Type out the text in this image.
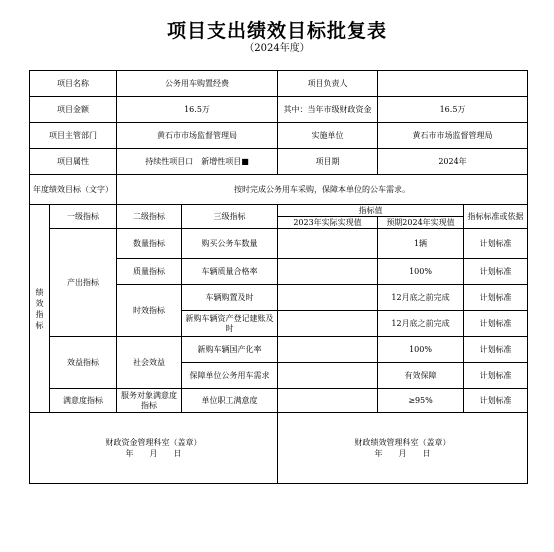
项目支出绩效目标批复表
（2024年度）
项目名称		公务用车购置经费		项目负责人		
项目金额		16.5万		其中：当年市级财政资金	16.5万	
项目主管部门		黄石市市场监督管理局		实施单位	黄石市市场监督管理局	
项目属性		持续性项目口　新增性项目■		项目期	2024年	
年度绩效目标（文字）		按时完成公务用车采购，保障本单位的公车需求。				
绩效指标	一级指标	二级指标	三级指标	指标值		指标标准或依据
				2023年实际实现值	预期2024年实现值	
	产出指标	数量指标	购买公务车数量		1辆	计划标准
		质量指标	车辆质量合格率		100%	计划标准
		时效指标	车辆购置及时		12月底之前完成	计划标准
			新购车辆资产登记建账及时		12月底之前完成	计划标准
	效益指标	社会效益	新购车辆国产化率		100%	计划标准
			保障单位公务用车需求		有效保障	计划标准
	满意度指标	服务对象满意度指标	单位职工满意度		≥95%	计划标准

财政资金管理科室（盖章）
年　　月　　日				财政绩效管理科室（盖章）
年　　月　　日		
